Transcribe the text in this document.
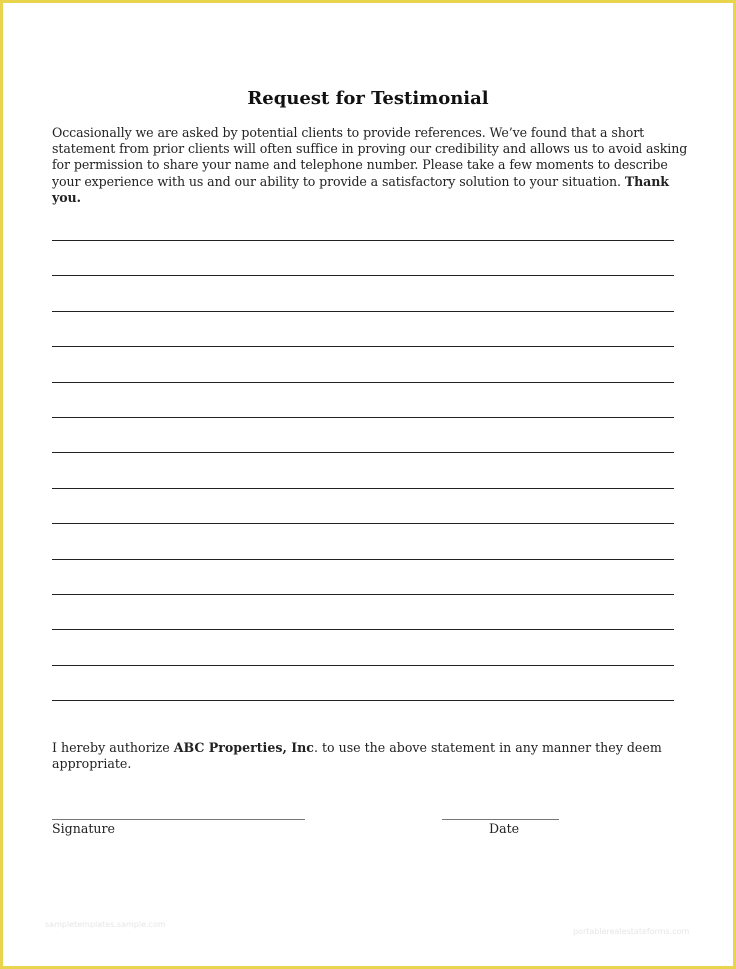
Request for Testimonial
Occasionally we are asked by potential clients to provide references. We’ve found that a short statement from prior clients will often suffice in proving our credibility and allows us to avoid asking for permission to share your name and telephone number. Please take a few moments to describe your experience with us and our ability to provide a satisfactory solution to your situation. Thank you.
I hereby authorize ABC Properties, Inc. to use the above statement in any manner they deem appropriate.
Signature	Date
sampletemplates.sample.com
portablerealestateforms.com
